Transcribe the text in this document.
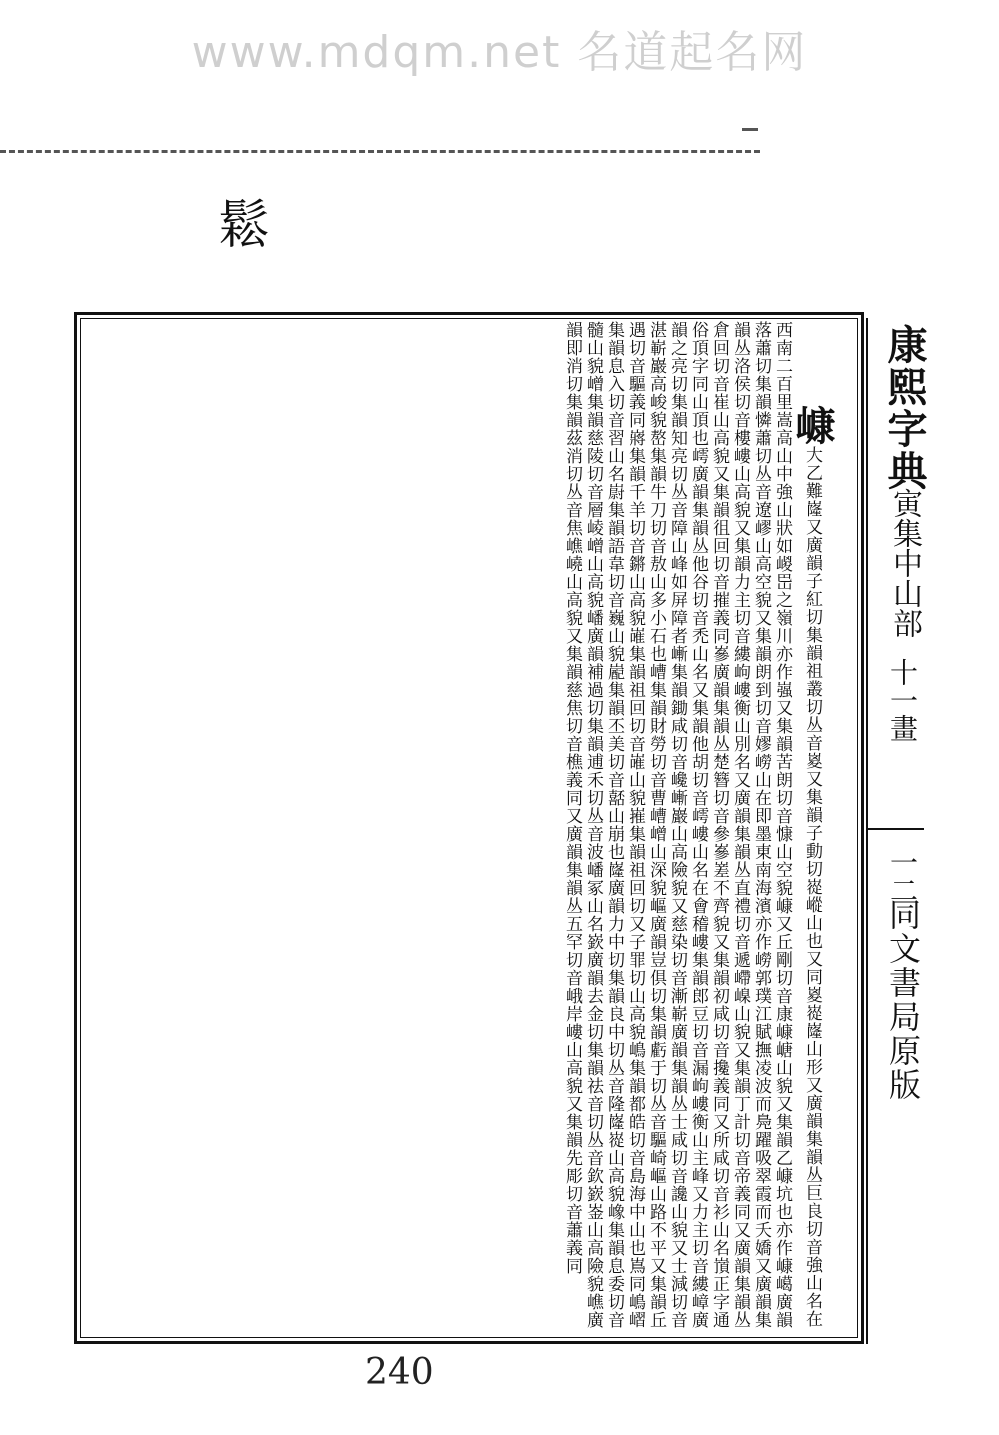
www.mdqm.net 名道起名网
鬆

嵻大乙難嶐又廣韻子紅切集韻祖叢切丛音嵏又集韻子動切嵸嵷山也又同嵏嵸嶐山形又廣韻集韻丛巨良切音強山名在西南二百里嵩高山中強山狀如嵕岊之嶺川亦作嵹又集韻苦朗切音慷山空貌嵻又丘剛切音康嵻嵣山貌又集韻乙嵻坑也亦作嵻嶱廣韻落蕭切集韻憐蕭切丛音遼嵺山高空貌又集韻朗到切音嫪嶗山在即墨東南海濱亦作嶗郭璞江賦撫凌波而鳧躍吸翠霞而夭嬌又廣韻集韻丛洛侯切音樓嶁山高貌又集韻力主切音縷岣嶁衡山別名又廣韻集韻丛直禮切音遞嵽嵲山貌又集韻丁計切音帝義同又廣韻集韻丛倉回切音崔山高貌又集韻徂回切音摧義同嵾廣韻集韻丛楚簪切音參嵾嵳不齊貌又集韻初咸切音攙義同又所咸切音衫山名嵿正字通俗頂字同山頂也嶀廣韻集韻丛他谷切音禿山名又集韻他胡切音嶀嶁山名在會稽嶁集韻郎豆切音漏岣嶁衡山主峰又力主切音縷嶂廣韻之亮切集韻知亮切丛音障山峰如屏障者嶃集韻鋤咸切音巉嶃巖山高險貌又慈染切音漸嶄廣韻集韻丛士咸切音讒山貌又士減切音湛嶄巖高峻貌嶅集韻牛刀切音敖山多小石也嶆集韻財勞切音曹嶆嶒山深貌嶇廣韻豈俱切集韻虧于切丛音驅崎嶇山路不平又集韻丘遇切音驅義同嶈集韻千羊切音鏘山高貌嶉集韻祖回切音嶉山貌嶊集韻祖回切又子罪切山高貌嶋集韻都皓切音島海中山也嶌同嶋嶍集韻息入切音習山名嶎集韻語韋切音巍山貌嶏集韻丕美切音嚭山崩也嶐廣韻力中切集韻良中切丛音隆嶐嵸山高貌嶑集韻息委切音髓山貌嶒集韻慈陵切音層崚嶒山高貌嶓廣韻補過切集韻逋禾切丛音波嶓冢山名嶔廣韻去金切集韻祛音切丛音欽嶔崟山高險貌嶕廣韻即消切集韻茲消切丛音焦嶕嶢山高貌又集韻慈焦切音樵義同又廣韻集韻丛五罕切音峨岸嶁山高貌又集韻先彫切音蕭義同
	康熙字典
寅集中
山部
十一畫
一二
同文書局原版
240
